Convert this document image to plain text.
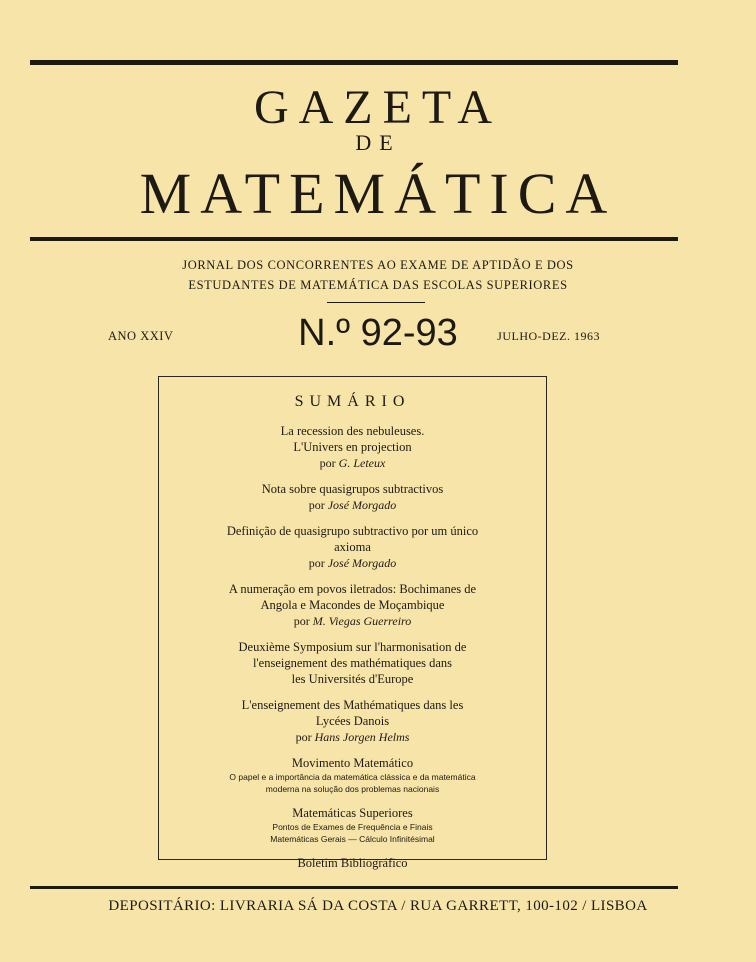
GAZETA
DE
MATEMÁTICA
JORNAL DOS CONCORRENTES AO EXAME DE APTIDÃO E DOS
ESTUDANTES DE MATEMÁTICA DAS ESCOLAS SUPERIORES
ANO XXIV	N.º 92-93	JULHO-DEZ. 1963
SUMÁRIO
La recession des nebuleuses.
L'Univers en projection
por G. Leteux
Nota sobre quasigrupos subtractivos
por José Morgado
Definição de quasigrupo subtractivo por um único
axioma
por José Morgado
A numeração em povos iletrados: Bochimanes de
Angola e Macondes de Moçambique
por M. Viegas Guerreiro
Deuxième Symposium sur l'harmonisation de
l'enseignement des mathématiques dans
les Universités d'Europe
L'enseignement des Mathématiques dans les
Lycées Danois
por Hans Jorgen Helms
Movimento Matemático
O papel e a importância da matemática clássica e da matemática
moderna na solução dos problemas nacionais
Matemáticas Superiores
Pontos de Exames de Frequência e Finais
Matemáticas Gerais — Cálculo Infinitésimal
Boletim Bibliográfico
DEPOSITÁRIO: LIVRARIA SÁ DA COSTA / RUA GARRETT, 100-102 / LISBOA
